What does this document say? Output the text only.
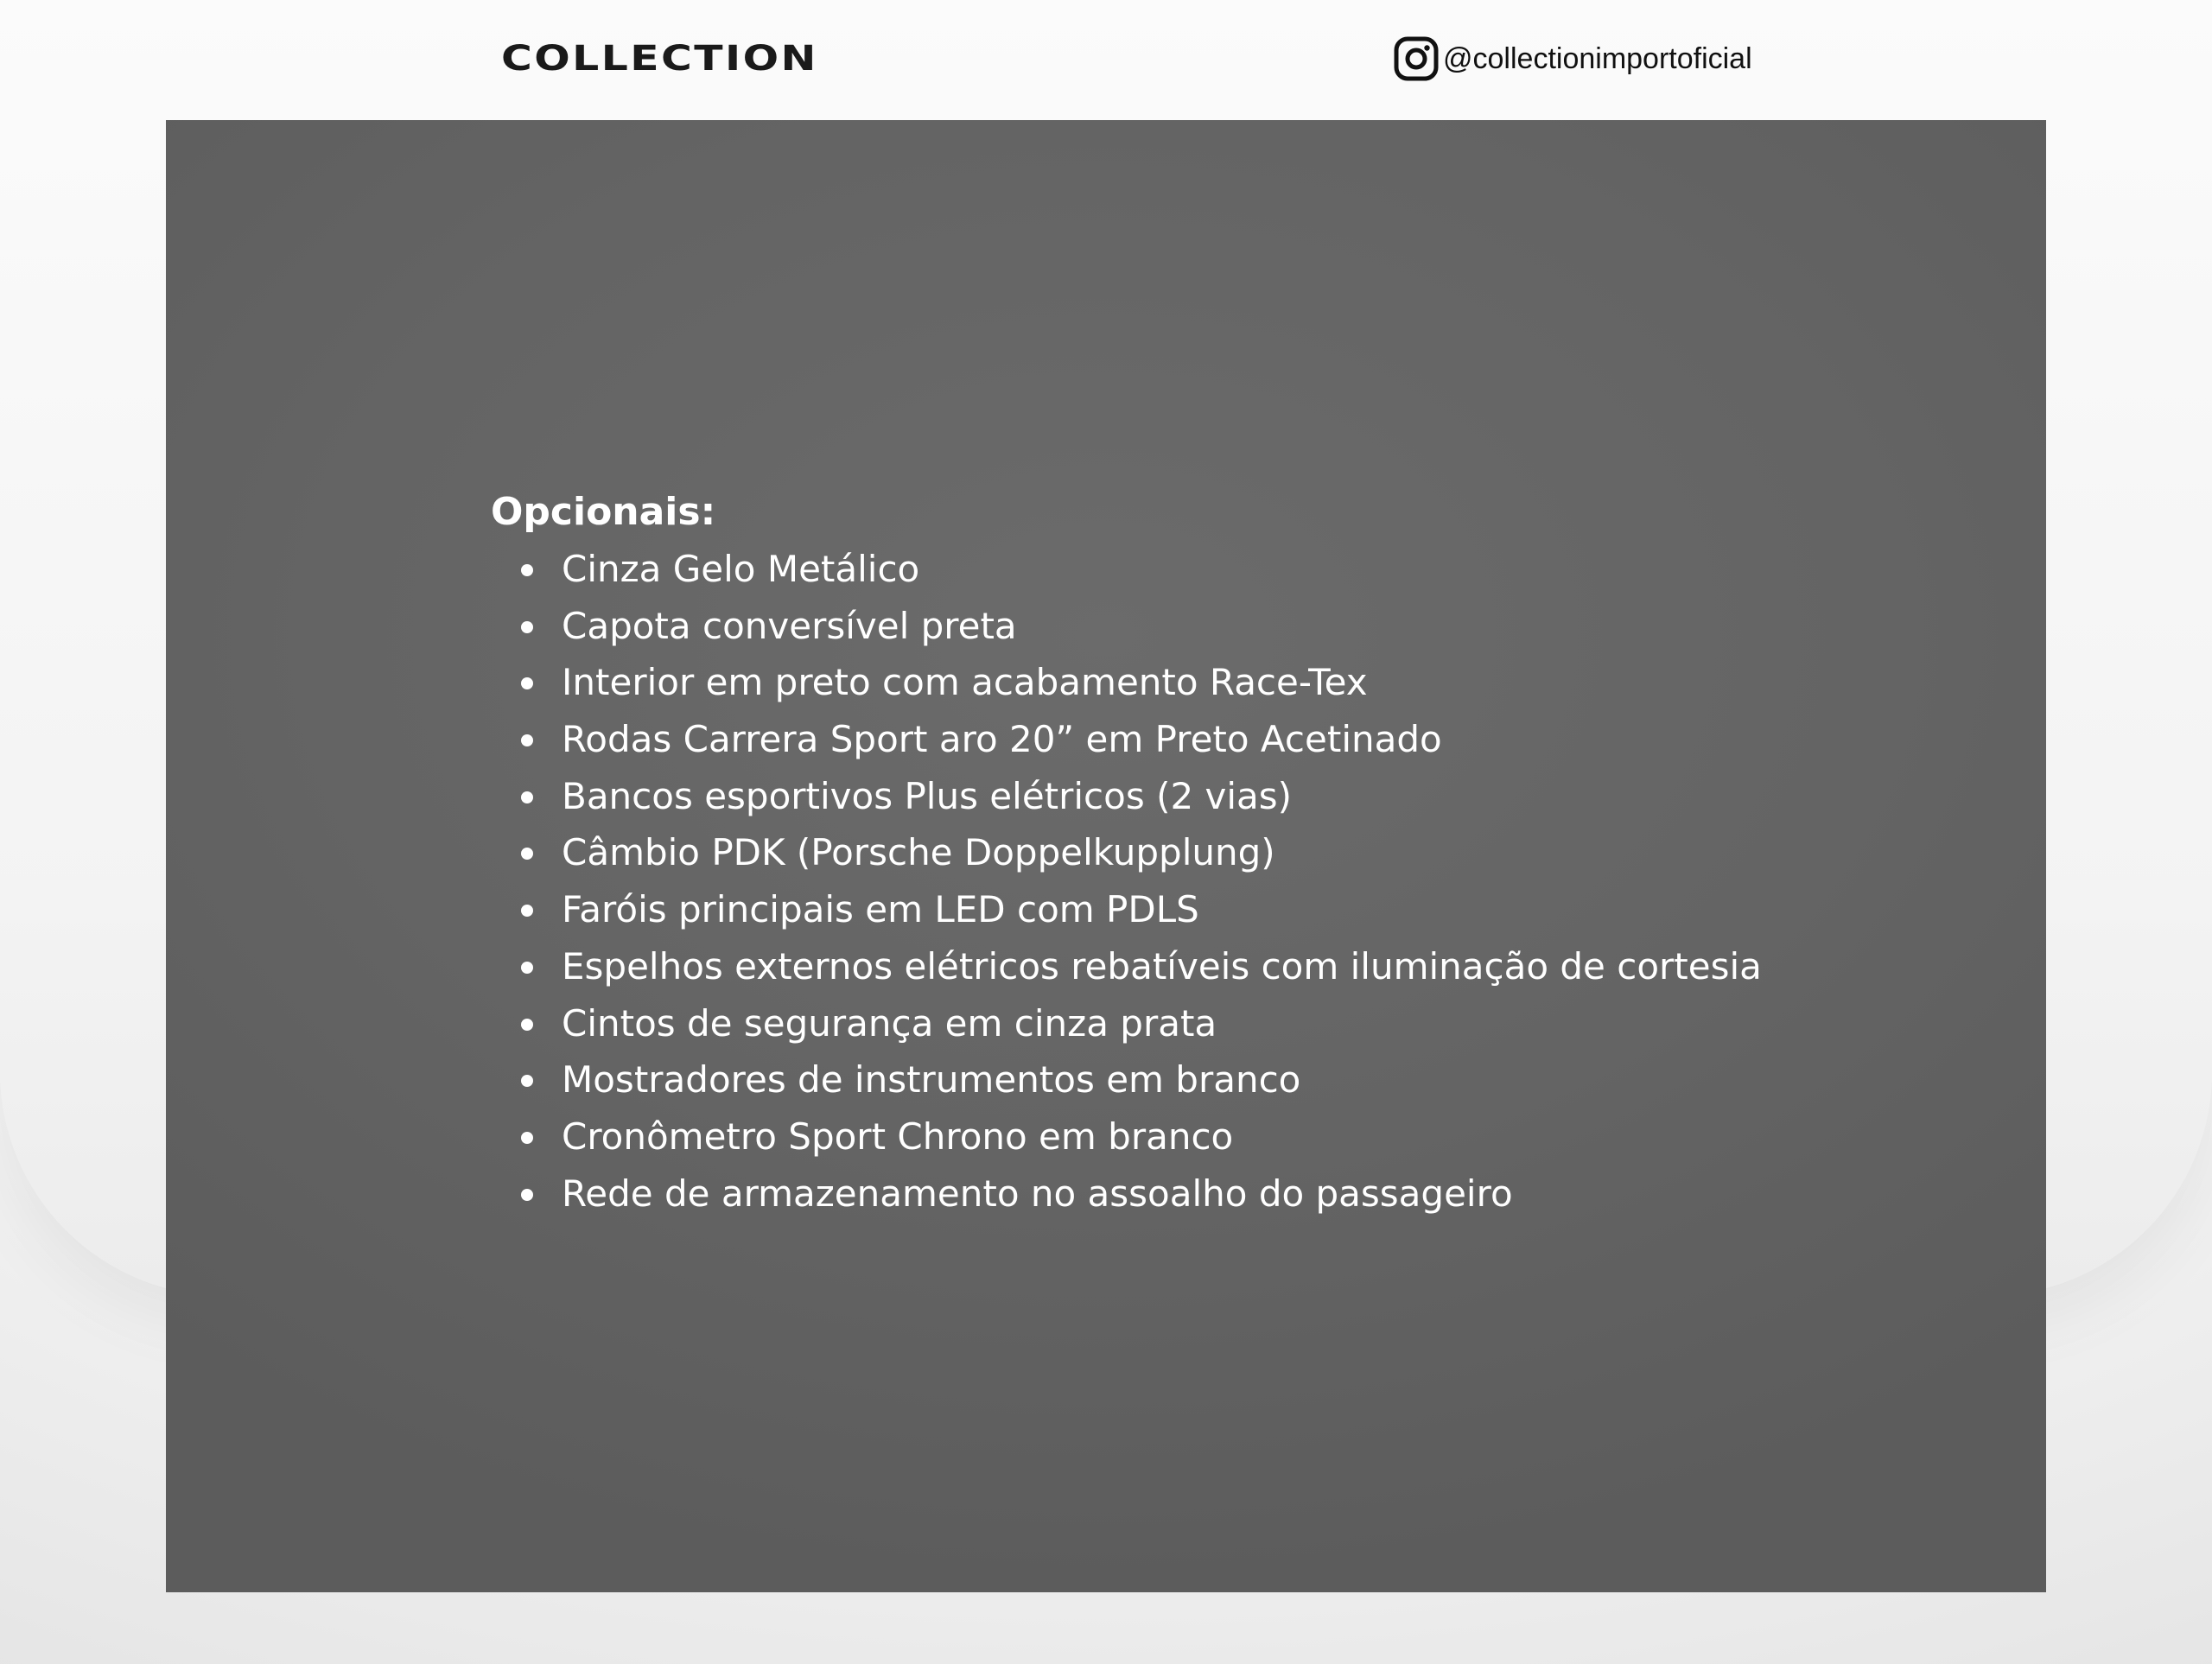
COLLECTION	@collectionimportoficial
Opcionais:
Cinza Gelo Metálico
Capota conversível preta
Interior em preto com acabamento Race-Tex
Rodas Carrera Sport aro 20” em Preto Acetinado
Bancos esportivos Plus elétricos (2 vias)
Câmbio PDK (Porsche Doppelkupplung)
Faróis principais em LED com PDLS
Espelhos externos elétricos rebatíveis com iluminação de cortesia
Cintos de segurança em cinza prata
Mostradores de instrumentos em branco
Cronômetro Sport Chrono em branco
Rede de armazenamento no assoalho do passageiro
